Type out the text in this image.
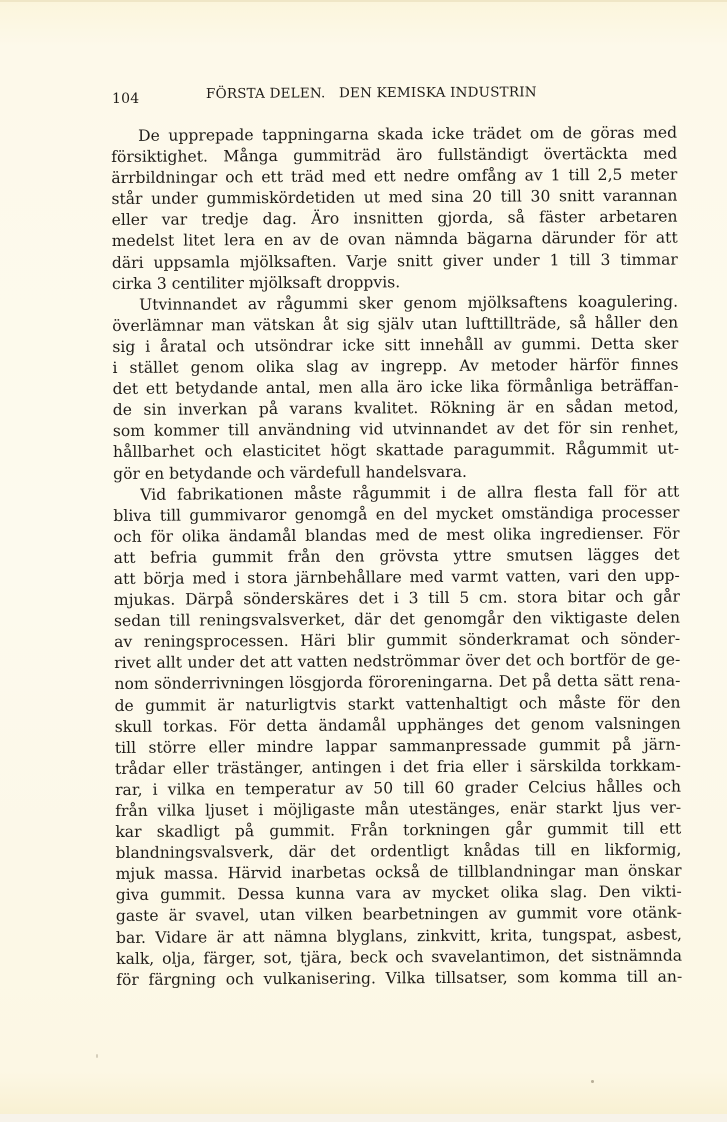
104	FÖRSTA DELEN.   DEN KEMISKA INDUSTRIN
De upprepade tappningarna skada icke trädet om de göras med
försiktighet. Många gummiträd äro fullständigt övertäckta med
ärrbildningar och ett träd med ett nedre omfång av 1 till 2,5 meter
står under gummiskördetiden ut med sina 20 till 30 snitt varannan
eller var tredje dag. Äro insnitten gjorda, så fäster arbetaren
medelst litet lera en av de ovan nämnda bägarna därunder för att
däri uppsamla mjölksaften. Varje snitt giver under 1 till 3 timmar
cirka 3 centiliter mjölksaft droppvis.
Utvinnandet av rågummi sker genom mjölksaftens koagulering.
överlämnar man vätskan åt sig själv utan lufttillträde, så håller den
sig i åratal och utsöndrar icke sitt innehåll av gummi. Detta sker
i stället genom olika slag av ingrepp. Av metoder härför finnes
det ett betydande antal, men alla äro icke lika förmånliga beträffan-
de sin inverkan på varans kvalitet. Rökning är en sådan metod,
som kommer till användning vid utvinnandet av det för sin renhet,
hållbarhet och elasticitet högt skattade paragummit. Rågummit ut-
gör en betydande och värdefull handelsvara.
Vid fabrikationen måste rågummit i de allra flesta fall för att
bliva till gummivaror genomgå en del mycket omständiga processer
och för olika ändamål blandas med de mest olika ingredienser. För
att befria gummit från den grövsta yttre smutsen lägges det
att börja med i stora järnbehållare med varmt vatten, vari den upp-
mjukas. Därpå sönderskäres det i 3 till 5 cm. stora bitar och går
sedan till reningsvalsverket, där det genomgår den viktigaste delen
av reningsprocessen. Häri blir gummit sönderkramat och sönder-
rivet allt under det att vatten nedströmmar över det och bortför de ge-
nom sönderrivningen lösgjorda föroreningarna. Det på detta sätt rena-
de gummit är naturligtvis starkt vattenhaltigt och måste för den
skull torkas. För detta ändamål upphänges det genom valsningen
till större eller mindre lappar sammanpressade gummit på järn-
trådar eller trästänger, antingen i det fria eller i särskilda torkkam-
rar, i vilka en temperatur av 50 till 60 grader Celcius hålles och
från vilka ljuset i möjligaste mån utestänges, enär starkt ljus ver-
kar skadligt på gummit. Från torkningen går gummit till ett
blandningsvalsverk, där det ordentligt knådas till en likformig,
mjuk massa. Härvid inarbetas också de tillblandningar man önskar
giva gummit. Dessa kunna vara av mycket olika slag. Den vikti-
gaste är svavel, utan vilken bearbetningen av gummit vore otänk-
bar. Vidare är att nämna blyglans, zinkvitt, krita, tungspat, asbest,
kalk, olja, färger, sot, tjära, beck och svavelantimon, det sistnämnda
för färgning och vulkanisering. Vilka tillsatser, som komma till an-
